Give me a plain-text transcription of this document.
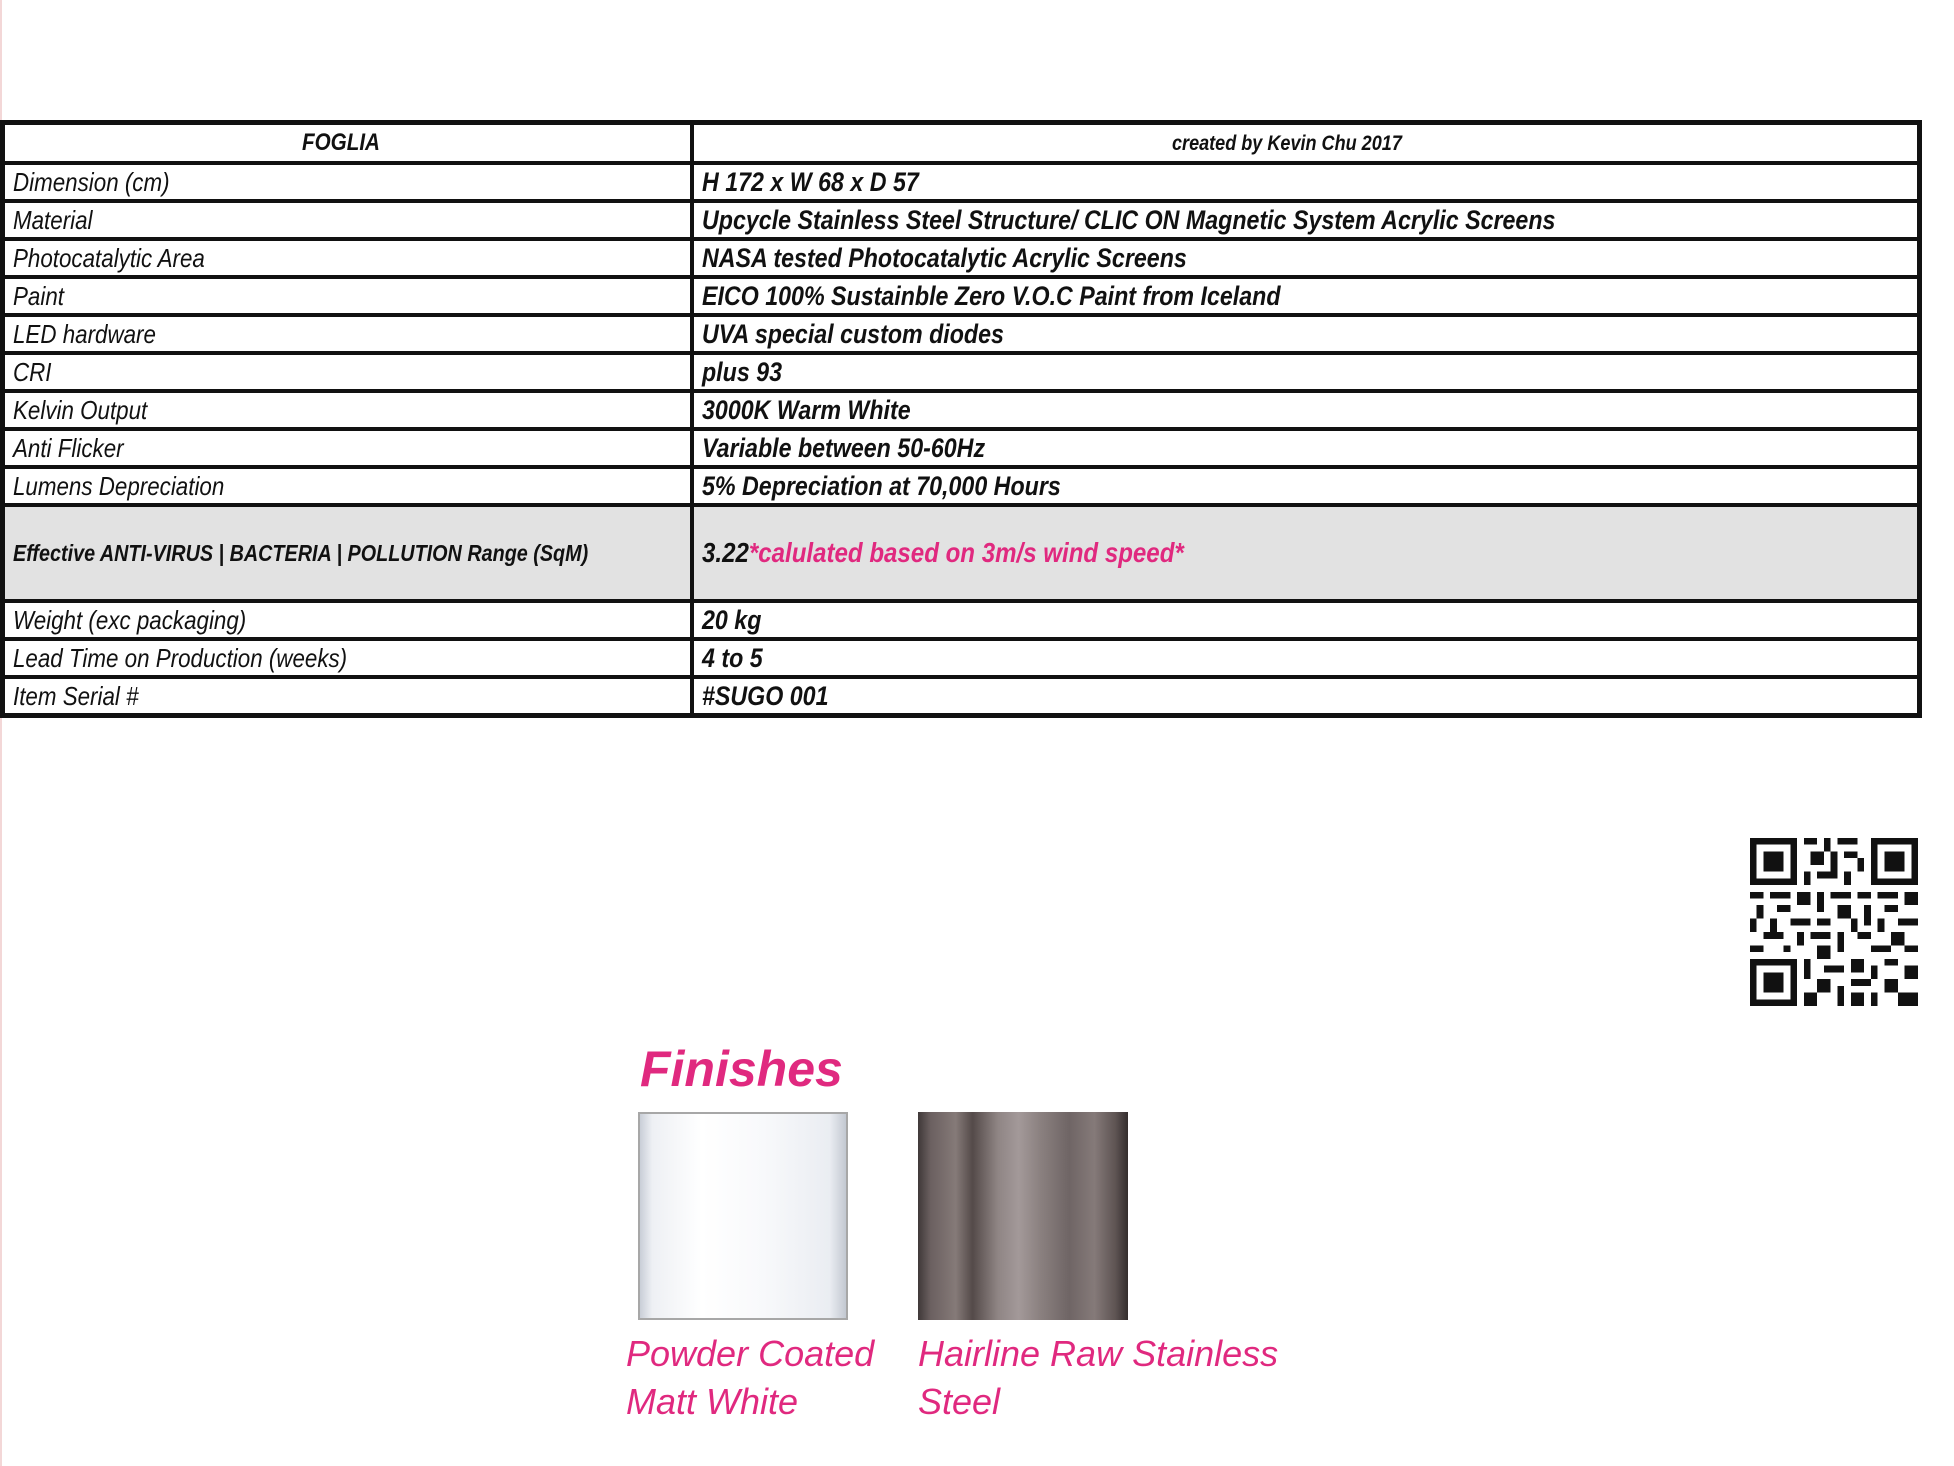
FOGLIA	created by Kevin Chu 2017
Dimension (cm)	H 172 x W 68 x D 57
Material	Upcycle Stainless Steel Structure/ CLIC ON Magnetic System Acrylic Screens
Photocatalytic Area	NASA tested Photocatalytic Acrylic Screens
Paint	EICO 100% Sustainble Zero V.O.C Paint from Iceland
LED hardware	UVA special custom diodes
CRI	plus 93
Kelvin Output	3000K Warm White
Anti Flicker	Variable between 50-60Hz
Lumens Depreciation	5% Depreciation at 70,000 Hours
Effective ANTI-VIRUS | BACTERIA | POLLUTION Range (SqM)	3.22*calulated based on 3m/s wind speed*
Weight (exc packaging)	20 kg
Lead Time on Production (weeks)	4 to 5
Item Serial #	#SUGO 001
Finishes

Powder Coated
Matt White

Hairline Raw Stainless
Steel
